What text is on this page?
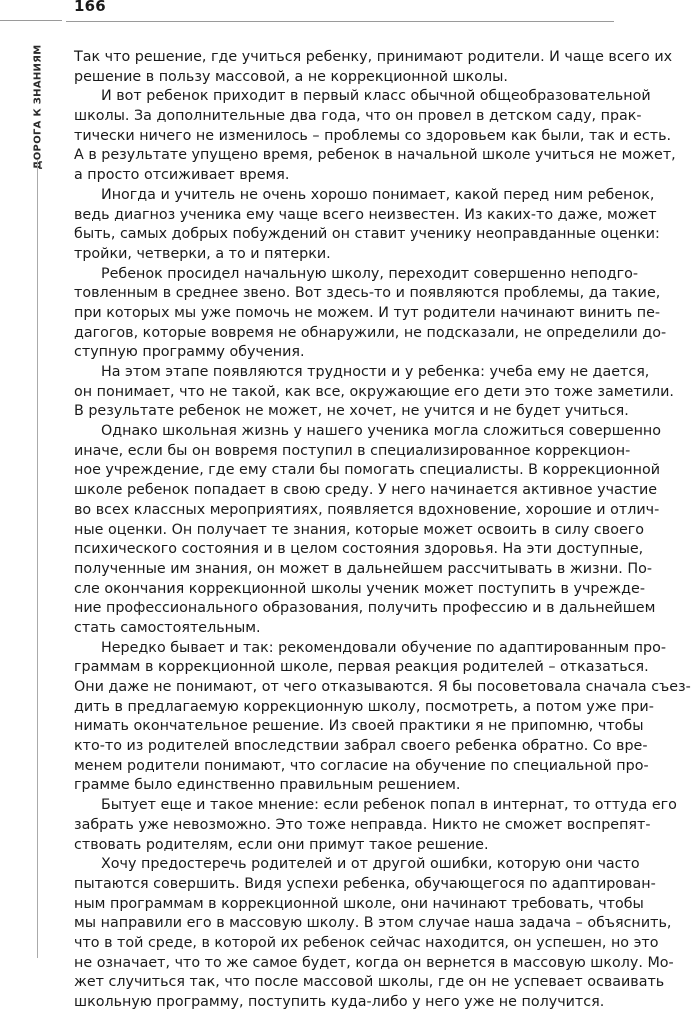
166
ДОРОГА К ЗНАНИЯМ Так что решение, где учиться ребенку, принимают родители. И чаще всего их
решение в пользу массовой, а не коррекционной школы.
И вот ребенок приходит в первый класс обычной общеобразовательной
школы. За дополнительные два года, что он провел в детском саду, прак-
тически ничего не изменилось – проблемы со здоровьем как были, так и есть.
А в результате упущено время, ребенок в начальной школе учиться не может,
а просто отсиживает время.
Иногда и учитель не очень хорошо понимает, какой перед ним ребенок,
ведь диагноз ученика ему чаще всего неизвестен. Из каких-то даже, может
быть, самых добрых побуждений он ставит ученику неоправданные оценки:
тройки, четверки, а то и пятерки.
Ребенок просидел начальную школу, переходит совершенно неподго-
товленным в среднее звено. Вот здесь-то и появляются проблемы, да такие,
при которых мы уже помочь не можем. И тут родители начинают винить пе-
дагогов, которые вовремя не обнаружили, не подсказали, не определили до-
ступную программу обучения.
На этом этапе появляются трудности и у ребенка: учеба ему не дается,
он понимает, что не такой, как все, окружающие его дети это тоже заметили.
В результате ребенок не может, не хочет, не учится и не будет учиться.
Однако школьная жизнь у нашего ученика могла сложиться совершенно
иначе, если бы он вовремя поступил в специализированное коррекцион-
ное учреждение, где ему стали бы помогать специалисты. В коррекционной
школе ребенок попадает в свою среду. У него начинается активное участие
во всех классных мероприятиях, появляется вдохновение, хорошие и отлич-
ные оценки. Он получает те знания, которые может освоить в силу своего
психического состояния и в целом состояния здоровья. На эти доступные,
полученные им знания, он может в дальнейшем рассчитывать в жизни. По-
сле окончания коррекционной школы ученик может поступить в учрежде-
ние профессионального образования, получить профессию и в дальнейшем
стать самостоятельным.
Нередко бывает и так: рекомендовали обучение по адаптированным про-
граммам в коррекционной школе, первая реакция родителей – отказаться.
Они даже не понимают, от чего отказываются. Я бы посоветовала сначала съез-
дить в предлагаемую коррекционную школу, посмотреть, а потом уже при-
нимать окончательное решение. Из своей практики я не припомню, чтобы
кто-то из родителей впоследствии забрал своего ребенка обратно. Со вре-
менем родители понимают, что согласие на обучение по специальной про-
грамме было единственно правильным решением.
Бытует еще и такое мнение: если ребенок попал в интернат, то оттуда его
забрать уже невозможно. Это тоже неправда. Никто не сможет воспрепят-
ствовать родителям, если они примут такое решение.
Хочу предостеречь родителей и от другой ошибки, которую они часто
пытаются совершить. Видя успехи ребенка, обучающегося по адаптирован-
ным программам в коррекционной школе, они начинают требовать, чтобы
мы направили его в массовую школу. В этом случае наша задача – объяснить,
что в той среде, в которой их ребенок сейчас находится, он успешен, но это
не означает, что то же самое будет, когда он вернется в массовую школу. Мо-
жет случиться так, что после массовой школы, где он не успевает осваивать
школьную программу, поступить куда-либо у него уже не получится.
